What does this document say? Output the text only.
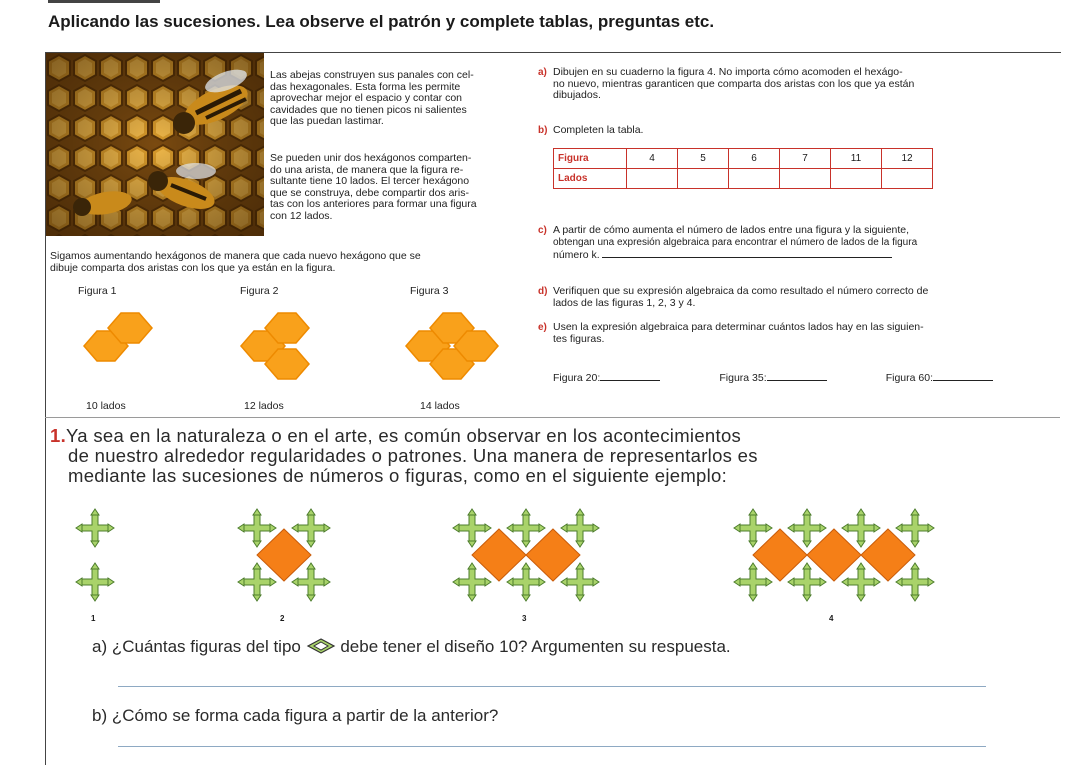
Aplicando las sucesiones. Lea observe el patrón y complete tablas, preguntas etc.
Las abejas construyen sus panales con cel-
das hexagonales. Esta forma les permite
aprovechar mejor el espacio y contar con
cavidades que no tienen picos ni salientes
que las puedan lastimar.
Se pueden unir dos hexágonos comparten-
do una arista, de manera que la figura re-
sultante tiene 10 lados. El tercer hexágono
que se construya, debe compartir dos aris-
tas con los anteriores para formar una figura
con 12 lados.
Sigamos aumentando hexágonos de manera que cada nuevo hexágono que se
dibuje comparta dos aristas con los que ya están en la figura.
Figura 1	Figura 2	Figura 3
10 lados	12 lados	14 lados
a) Dibujen en su cuaderno la figura 4. No importa cómo acomoden el hexágo-
no nuevo, mientras garanticen que comparta dos aristas con los que ya están
dibujados.
b) Completen la tabla.
Figura	4	5	6	7	11	12
Lados						
c) A partir de cómo aumenta el número de lados entre una figura y la siguiente,
obtengan una expresión algebraica para encontrar el número de lados de la figura
número k.
d) Verifiquen que su expresión algebraica da como resultado el número correcto de
lados de las figuras 1, 2, 3 y 4.
e) Usen la expresión algebraica para determinar cuántos lados hay en las siguien-
tes figuras.
Figura 20:	Figura 35:	Figura 60:
1.Ya sea en la naturaleza o en el arte, es común observar en los acontecimientos
de nuestro alrededor regularidades o patrones. Una manera de representarlos es
mediante las sucesiones de números o figuras, como en el siguiente ejemplo:
1	2	3	4
a) ¿Cuántas figuras del tipo debe tener el diseño 10? Argumenten su respuesta.
b) ¿Cómo se forma cada figura a partir de la anterior?
